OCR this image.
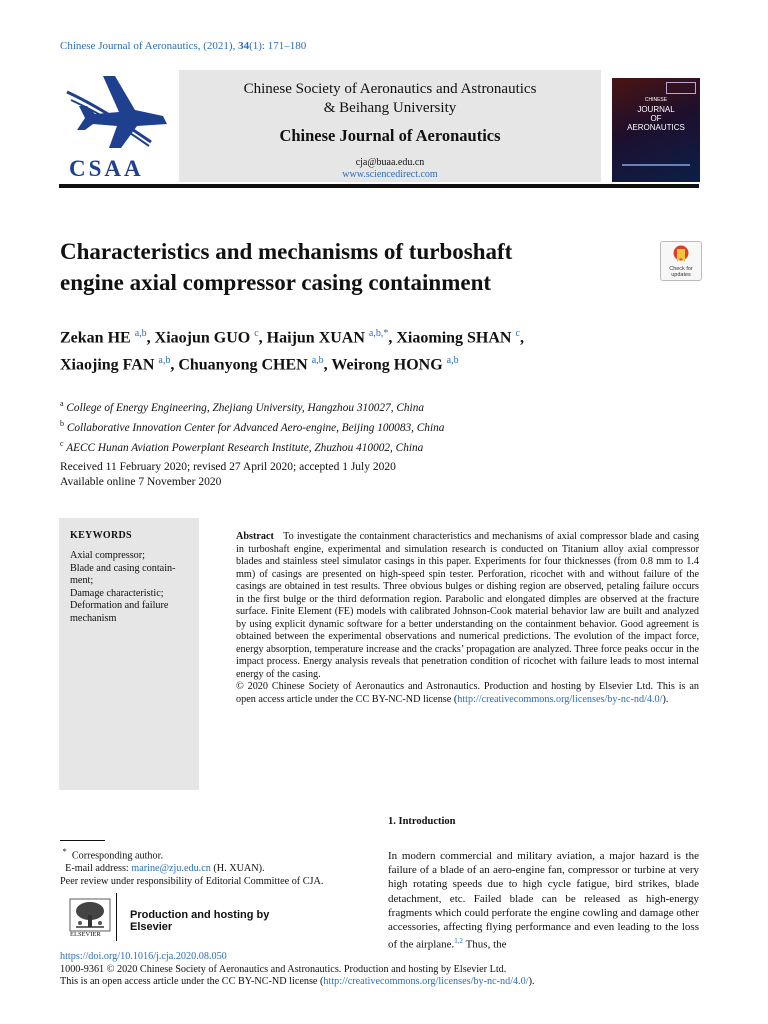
Chinese Journal of Aeronautics, (2021), 34(1): 171–180
CSAA
Chinese Society of Aeronautics and Astronautics
& Beihang University
Chinese Journal of Aeronautics
cja@buaa.edu.cn
www.sciencedirect.com
CHINESE
JOURNAL
OF
AERONAUTICS
Characteristics and mechanisms of turboshaft
engine axial compressor casing containment
Check for updates
Zekan HE $^{a,b}$, Xiaojun GUO $^c$, Haijun XUAN $^{a,b,*}$, Xiaoming SHAN $^c$,
Xiaojing FAN $^{a,b}$, Chuanyong CHEN $^{a,b}$, Weirong HONG $^{a,b}$
$^a$ College of Energy Engineering, Zhejiang University, Hangzhou 310027, China
$^b$ Collaborative Innovation Center for Advanced Aero-engine, Beijing 100083, China
$^c$ AECC Hunan Aviation Powerplant Research Institute, Zhuzhou 410002, China
Received 11 February 2020; revised 27 April 2020; accepted 1 July 2020
Available online 7 November 2020
KEYWORDS
Axial compressor;
Blade and casing contain-ment;
Damage characteristic;
Deformation and failure mechanism
Abstract To investigate the containment characteristics and mechanisms of axial compressor blade and casing in turboshaft engine, experimental and simulation research is conducted on Titanium alloy axial compressor blades and stainless steel simulator casings in this paper. Experiments for four thicknesses (from 0.8 mm to 1.4 mm) of casings are presented on high-speed spin tester. Perforation, ricochet with and without failure of the casings are obtained in test results. Three obvious bulges or dishing region are observed, petaling failure occurs in the first bulge or the third deformation region. Parabolic and elongated dimples are observed at the fracture surface. Finite Element (FE) models with calibrated Johnson-Cook material behavior law are built and analyzed by using explicit dynamic software for a better understanding on the containment behavior. Good agreement is obtained between the experimental observations and numerical predictions. The evolution of the impact force, energy absorption, temperature increase and the cracks’ propagation are analyzed. Three force peaks occur in the impact process. Energy analysis reveals that penetration condition of ricochet with failure leads to most internal energy of the casing.
© 2020 Chinese Society of Aeronautics and Astronautics. Production and hosting by Elsevier Ltd. This is an open access article under the CC BY-NC-ND license (http://creativecommons.org/licenses/by-nc-nd/4.0/).
* Corresponding author.
E-mail address: marine@zju.edu.cn (H. XUAN).
Peer review under responsibility of Editorial Committee of CJA.
ELSEVIER
Production and hosting by Elsevier
1. Introduction
In modern commercial and military aviation, a major hazard is the failure of a blade of an aero-engine fan, compressor or turbine at very high rotating speeds due to high cycle fatigue, bird strikes, blade detachment, etc. Failed blade can be released as high-energy fragments which could perforate the engine cowling and damage other accessories, affecting flying performance and even leading to the loss of the airplane.$^{1,2}$ Thus, the
https://doi.org/10.1016/j.cja.2020.08.050
1000-9361 © 2020 Chinese Society of Aeronautics and Astronautics. Production and hosting by Elsevier Ltd.
This is an open access article under the CC BY-NC-ND license (http://creativecommons.org/licenses/by-nc-nd/4.0/).
